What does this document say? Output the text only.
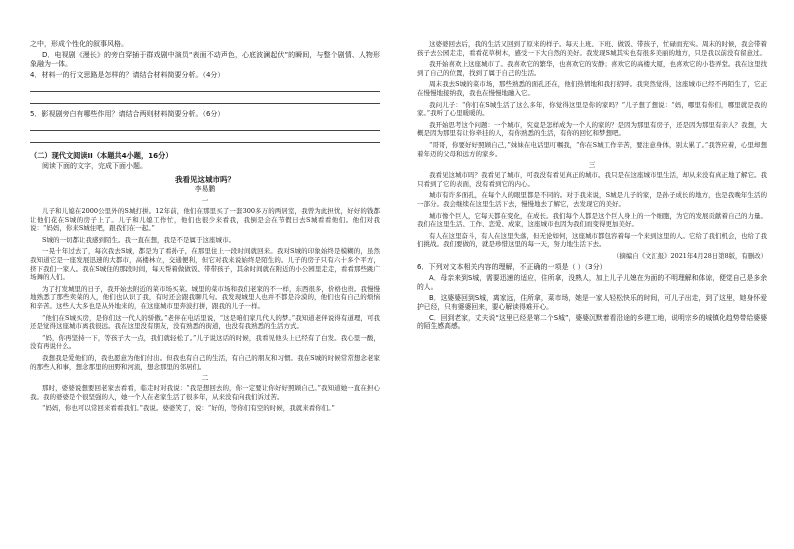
之中，形成个性化的叙事风格。

D．电视剧《漫长》的旁白穿插于群戏剧中演员“表面不动声色，心底波澜起伏”的瞬间，与整个剧情、人物形象融为一体。

4．材料一的行文思路是怎样的？请结合材料简要分析。（4分）

5．影视剧旁白有哪些作用？请结合两则材料简要分析。（6分）

（二）现代文阅读II（本题共4小题，16分）
阅读下面的文字，完成下面小题。

我看见这城市吗？

李易鹏

一

儿子和儿媳在2000公里外的S城打拼。12年前，他们在那里买了一套300多万的两居室，我曾为此担忧，好好的钱都让他们花在S城的房子上了。儿子和儿媳工作忙，他们也很少来看我，我倒是会在节假日去S城看看他们。他们对我说：“妈妈，你来S城住吧，跟我们在一起。”

S城的一切都让我感到陌生。我一直在想，我是不是属于这座城市。

一晃十年过去了，每次我去S城，都是为了看孙子，在那里住上一段时间就回来。我对S城的印象始终是模糊的，虽然我知道它是一座发展迅速的大都市，高楼林立，交通便利，但它对我来说始终是陌生的。儿子的房子只有六十多个平方，挤下我们一家人。我在S城住的那段时间，每天帮着做做饭、带带孩子，其余时间就在附近的小公园里走走，看看那些跳广场舞的人们。

为了打发城里的日子，我开始去附近的菜市场买菜。城里的菜市场和我们老家的不一样，东西很多，价格也贵。我慢慢地熟悉了那些卖菜的人，他们也认识了我，有时还会跟我聊几句。我发现城里人也并不都是冷漠的，他们也有自己的烦恼和辛苦。这些人大多也是从外地来的，在这座城市里奔波打拼，跟我的儿子一样。

“他们在S城买房，是你们这一代人的骄傲。”老伴在电话里说，“这是咱们家几代人的梦。”我知道老伴说得有道理，可我还是觉得这座城市离我很远。我在这里没有朋友，没有熟悉的街道，也没有我熟悉的生活方式。

“妈，你再坚持一下，等孩子大一点，我们就轻松了。”儿子说这话的时候，我看见他头上已经有了白发。我心里一酸，没有再说什么。

我想我是爱他们的，我也愿意为他们付出。但我也有自己的生活，有自己的朋友和习惯。我在S城的时候常常想念老家的那些人和事，想念那里的田野和河流，想念那里的邻居们。

二

那时，婆婆说想要回老家去看看，临走时对我说：“我是想回去的，你一定要让你好好照顾自己。”我知道她一直在担心我。我的婆婆是个很坚强的人，她一个人在老家生活了很多年，从来没有向我们诉过苦。

“妈妈，你也可以常回来看看我们。”我说。婆婆笑了，说：“好的，等你们有空的时候，我就来看你们。”

这婆婆回去后，我的生活又回到了原来的样子。每天上班、下班、做饭、带孩子，忙碌而充实。周末的时候，我会带着孩子去公园走走，看看花草树木，感受一下大自然的美好。我发现S城其实也有很多美丽的地方，只是我以前没有留意过。

我开始喜欢上这座城市了。我喜欢它的繁华，也喜欢它的安静；喜欢它的高楼大厦，也喜欢它的小巷弄堂。我在这里找到了自己的位置，找到了属于自己的生活。

周末我去S城的菜市场，那些熟悉的面孔还在，他们热情地和我打招呼。我突然觉得，这座城市已经不再陌生了，它正在慢慢地接纳我，我也在慢慢地融入它。

我问儿子：“你们在S城生活了这么多年，你觉得这里是你的家吗？”儿子想了想说：“妈，哪里有你们，哪里就是我的家。”我听了心里暖暖的。

我开始思考这个问题：一个城市，究竟是怎样成为一个人的家的？是因为那里有房子，还是因为那里有亲人？我想，大概是因为那里有让你牵挂的人，有你熟悉的生活，有你的回忆和梦想吧。

“哥哥，你要好好照顾自己，”妹妹在电话里叮嘱我，“你在S城工作辛苦，要注意身体，别太累了。”我答应着，心里却想着年迈的父母和远方的家乡。

三

我看见这城市吗？我看见了城市，可我没有看见真正的城市。我只是在这座城市里生活，却从来没有真正地了解它。我只看到了它的表面，没有看到它的内心。

城市有许多面孔，在每个人的眼里都是不同的。对于我来说，S城是儿子的家，是孙子成长的地方，也是我晚年生活的一部分。我会继续在这里生活下去，慢慢地去了解它，去发现它的美好。

城市像个巨人，它每天都在变化，在成长。我们每个人都是这个巨人身上的一个细胞，为它的发展贡献着自己的力量。我们在这里生活、工作、恋爱、成家，这座城市也因为我们而变得更加美好。

有人在这里奋斗，有人在这里失落，但无论如何，这座城市都包容着每一个来到这里的人。它给了我们机会，也给了我们挑战。我们要做的，就是珍惜这里的每一天，努力地生活下去。

（摘编自《文汇报》2021年4月28日第8版，有删改）

6．下列对文本相关内容的理解，不正确的一项是（ ）（3分）

A．母亲来到S城，需要迅速的适应，住所拿，没熟人，加上儿子儿媳在为面的不明理解和体谅，便觉自己是多余的人。

B．这婆婆回到S城，离家远，住所拿，菜市场，她是一家人轻松快乐的时间，可儿子出走，到了这里，她身怀爱护已经，只有婆婆回来，要心解读得难开心。

C．回到老家，丈夫说“这里已经是第二个S城”，婆婆沉默着看沿途的乡建工地，说明宗乡的城镇化趋势带给婆婆的陌生感高感。
